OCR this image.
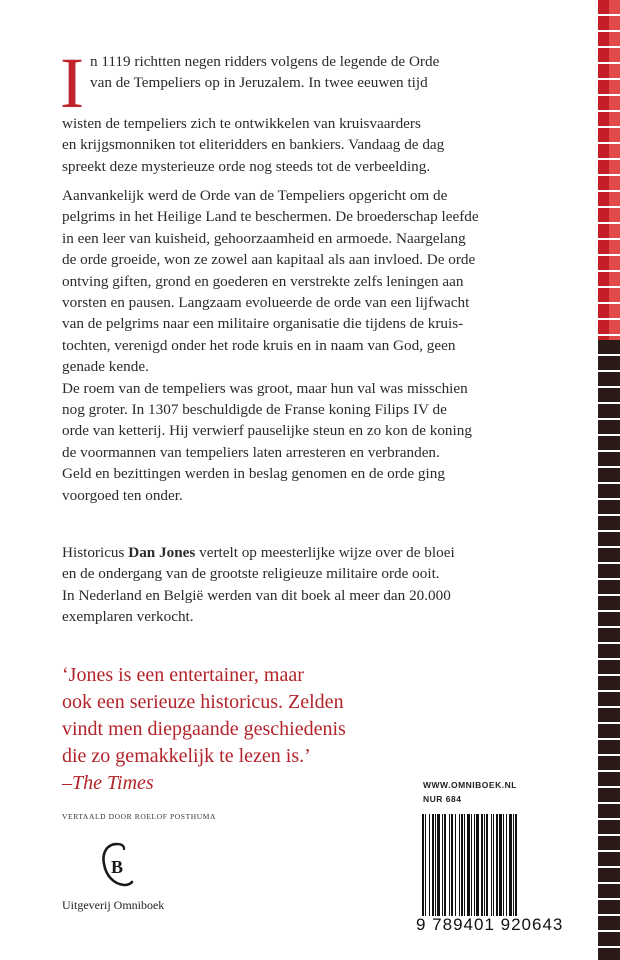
I n 1119 richtten negen ridders volgens de legende de Orde

van de Tempeliers op in Jeruzalem. In twee eeuwen tijd

wisten de tempeliers zich te ontwikkelen van kruisvaarders

en krijgsmonniken tot eliteridders en bankiers. Vandaag de dag

spreekt deze mysterieuze orde nog steeds tot de verbeelding.

Aanvankelijk werd de Orde van de Tempeliers opgericht om de

pelgrims in het Heilige Land te beschermen. De broederschap leefde

in een leer van kuisheid, gehoorzaamheid en armoede. Naargelang

de orde groeide, won ze zowel aan kapitaal als aan invloed. De orde

ontving giften, grond en goederen en verstrekte zelfs leningen aan

vorsten en pausen. Langzaam evolueerde de orde van een lijfwacht

van de pelgrims naar een militaire organisatie die tijdens de kruis-

tochten, verenigd onder het rode kruis en in naam van God, geen

genade kende.

De roem van de tempeliers was groot, maar hun val was misschien

nog groter. In 1307 beschuldigde de Franse koning Filips IV de

orde van ketterij. Hij verwierf pauselijke steun en zo kon de koning

de voormannen van tempeliers laten arresteren en verbranden.

Geld en bezittingen werden in beslag genomen en de orde ging

voorgoed ten onder.

Historicus Dan Jones vertelt op meesterlijke wijze over de bloei

en de ondergang van de grootste religieuze militaire orde ooit.

In Nederland en België werden van dit boek al meer dan 20.000

exemplaren verkocht.

‘Jones is een entertainer, maar
ook een serieuze historicus. Zelden
vindt men diepgaande geschiedenis
die zo gemakkelijk te lezen is.’
–The Times
VERTAALD DOOR ROELOF POSTHUMA
B
Uitgeverij Omniboek
WWW.OMNIBOEK.NL
NUR 684
9 789401 920643
